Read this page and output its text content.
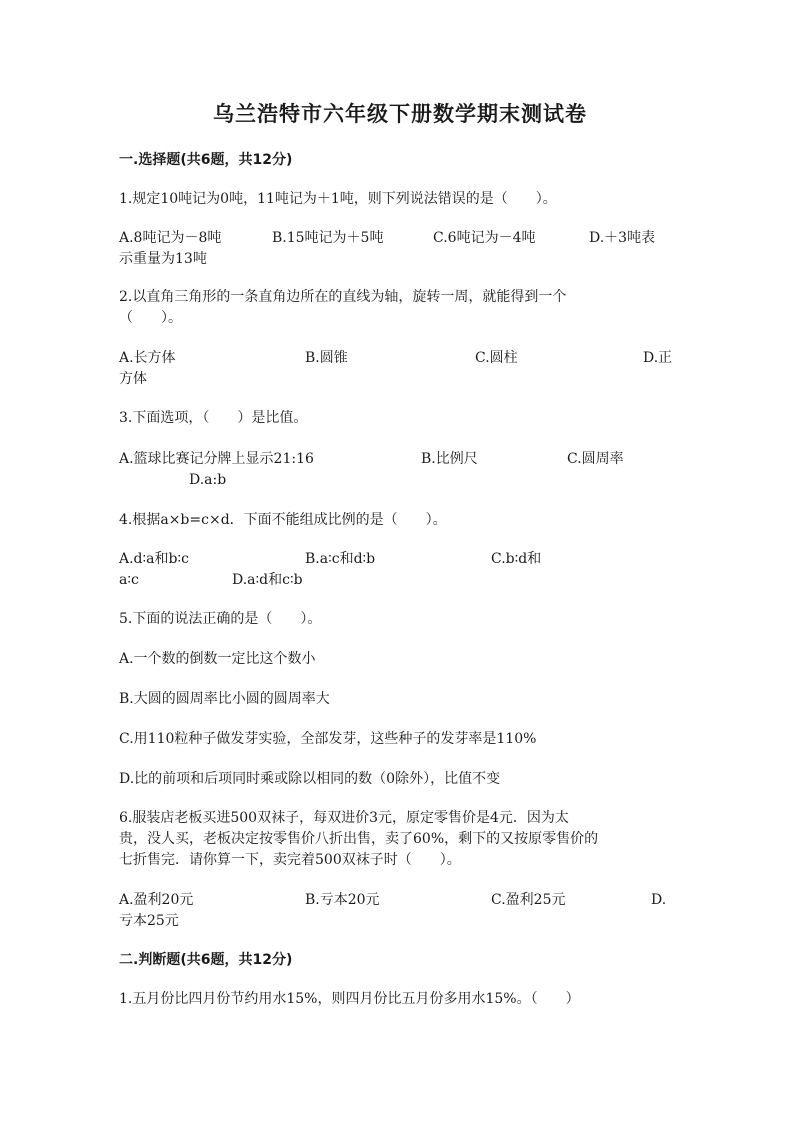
乌兰浩特市六年级下册数学期末测试卷
一.选择题(共6题，共12分)
1.规定10吨记为0吨，11吨记为＋1吨，则下列说法错误的是（　　）。
A.8吨记为－8吨	B.15吨记为＋5吨	C.6吨记为－4吨	D.＋3吨表
示重量为13吨
2.以直角三角形的一条直角边所在的直线为轴，旋转一周，就能得到一个
（　　）。
A.长方体	B.圆锥	C.圆柱	D.正
方体
3.下面选项，（　　）是比值。
A.篮球比赛记分牌上显示21:16	B.比例尺	C.圆周率
D.a:b
4.根据a×b=c×d．下面不能组成比例的是（　　）。
A.d∶a和b∶c	B.a∶c和d∶b	C.b∶d和
a∶c	D.a∶d和c∶b
5.下面的说法正确的是（　　）。
A.一个数的倒数一定比这个数小
B.大圆的圆周率比小圆的圆周率大
C.用110粒种子做发芽实验，全部发芽，这些种子的发芽率是110%
D.比的前项和后项同时乘或除以相同的数（0除外），比值不变
6.服装店老板买进500双袜子，每双进价3元，原定零售价是4元．因为太
贵，没人买，老板决定按零售价八折出售，卖了60%，剩下的又按原零售价的
七折售完．请你算一下，卖完着500双袜子时（　　）。
A.盈利20元	B.亏本20元	C.盈利25元	D.
亏本25元
二.判断题(共6题，共12分)
1.五月份比四月份节约用水15%，则四月份比五月份多用水15%。（　　）
